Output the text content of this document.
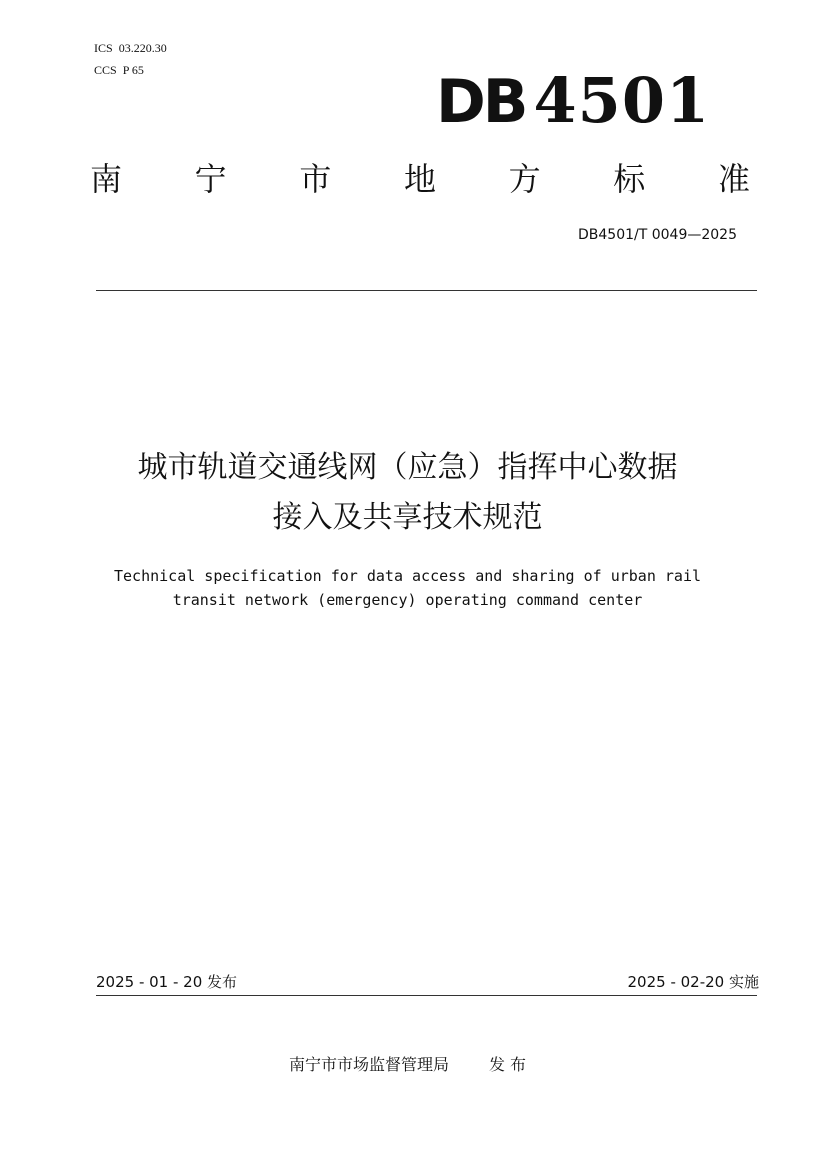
ICS 03.220.30
CCS P 65	DB 4501
南 宁 市 地 方 标 准
DB4501/T 0049—2025
城市轨道交通线网（应急）指挥中心数据
接入及共享技术规范
Technical specification for data access and sharing of urban rail
transit network (emergency) operating command center
2025 - 01 - 20 发布	2025 - 02-20 实施
南宁市市场监督管理局	发 布
